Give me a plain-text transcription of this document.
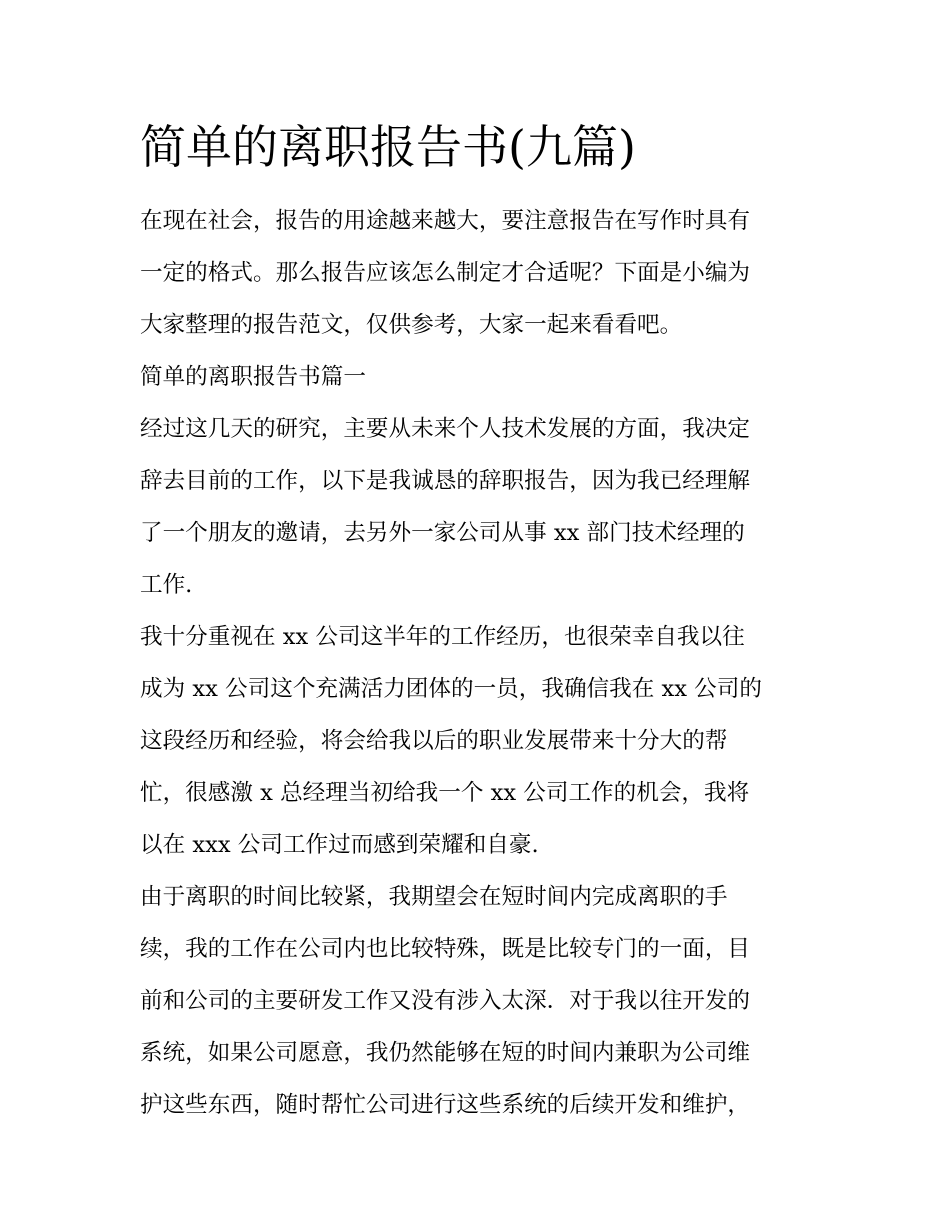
简单的离职报告书(九篇)
在现在社会，报告的用途越来越大，要注意报告在写作时具有
一定的格式。那么报告应该怎么制定才合适呢？下面是小编为
大家整理的报告范文，仅供参考，大家一起来看看吧。
简单的离职报告书篇一
经过这几天的研究，主要从未来个人技术发展的方面，我决定
辞去目前的工作，以下是我诚恳的辞职报告，因为我已经理解
了一个朋友的邀请，去另外一家公司从事 xx 部门技术经理的
工作.
我十分重视在 xx 公司这半年的工作经历，也很荣幸自我以往
成为 xx 公司这个充满活力团体的一员，我确信我在 xx 公司的
这段经历和经验，将会给我以后的职业发展带来十分大的帮
忙，很感激 x 总经理当初给我一个 xx 公司工作的机会，我将
以在 xxx 公司工作过而感到荣耀和自豪.
由于离职的时间比较紧，我期望会在短时间内完成离职的手
续，我的工作在公司内也比较特殊，既是比较专门的一面，目
前和公司的主要研发工作又没有涉入太深．对于我以往开发的
系统，如果公司愿意，我仍然能够在短的时间内兼职为公司维
护这些东西，随时帮忙公司进行这些系统的后续开发和维护，
